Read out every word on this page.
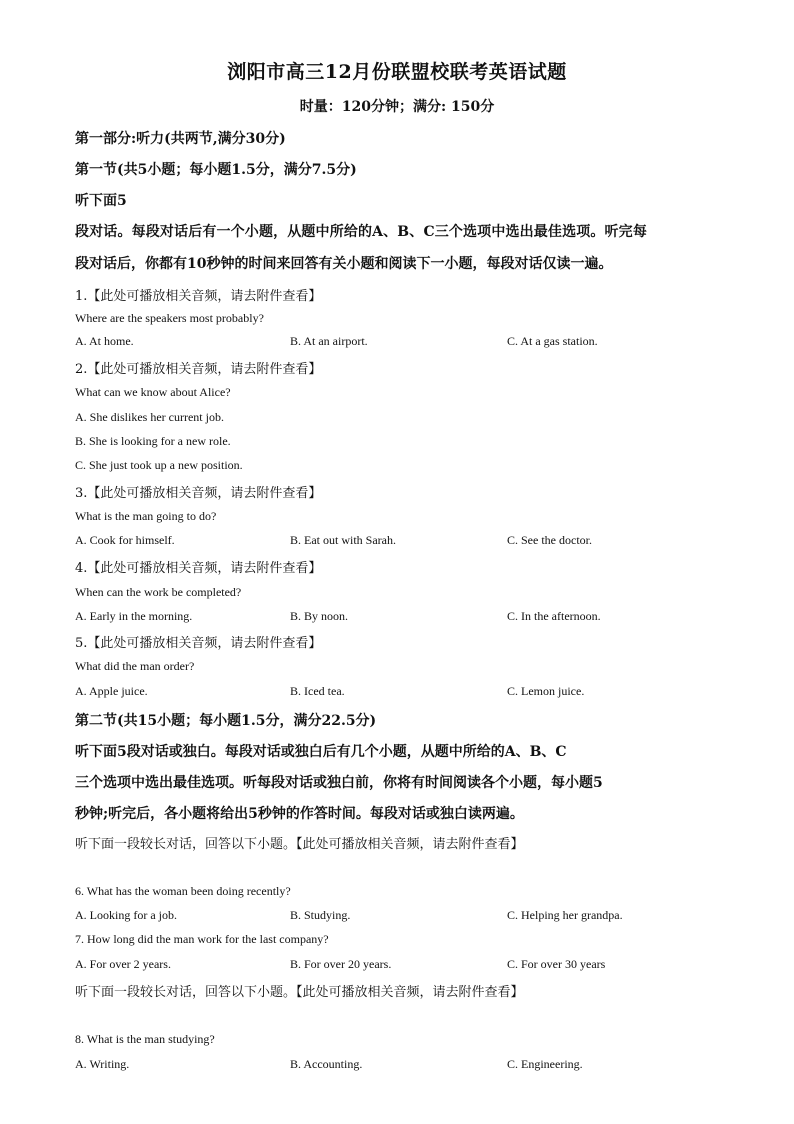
浏阳市高三12月份联盟校联考英语试题
时量：120分钟；满分: 150分
第一部分:听力(共两节,满分30分)
第一节(共5小题；每小题1.5分，满分7.5分)
听下面5
段对话。每段对话后有一个小题，从题中所给的A、B、C三个选项中选出最佳选项。听完每
段对话后，你都有10秒钟的时间来回答有关小题和阅读下一小题，每段对话仅读一遍。
1.【此处可播放相关音频，请去附件查看】
Where are the speakers most probably?
A. At home.	B. At an airport.	C. At a gas station.
2.【此处可播放相关音频，请去附件查看】
What can we know about Alice?
A. She dislikes her current job.
B. She is looking for a new role.
C. She just took up a new position.
3.【此处可播放相关音频，请去附件查看】
What is the man going to do?
A. Cook for himself.	B. Eat out with Sarah.	C. See the doctor.
4.【此处可播放相关音频，请去附件查看】
When can the work be completed?
A. Early in the morning.	B. By noon.	C. In the afternoon.
5.【此处可播放相关音频，请去附件查看】
What did the man order?
A. Apple juice.	B. Iced tea.	C. Lemon juice.
第二节(共15小题；每小题1.5分，满分22.5分)
听下面5段对话或独白。每段对话或独白后有几个小题，从题中所给的A、B、C
三个选项中选出最佳选项。听每段对话或独白前，你将有时间阅读各个小题，每小题5
秒钟;听完后，各小题将给出5秒钟的作答时间。每段对话或独白读两遍。
听下面一段较长对话，回答以下小题。【此处可播放相关音频，请去附件查看】
6. What has the woman been doing recently?
A. Looking for a job.	B. Studying.	C. Helping her grandpa.
7. How long did the man work for the last company?
A. For over 2 years.	B. For over 20 years.	C. For over 30 years
听下面一段较长对话，回答以下小题。【此处可播放相关音频，请去附件查看】
8. What is the man studying?
A. Writing.	B. Accounting.	C. Engineering.
